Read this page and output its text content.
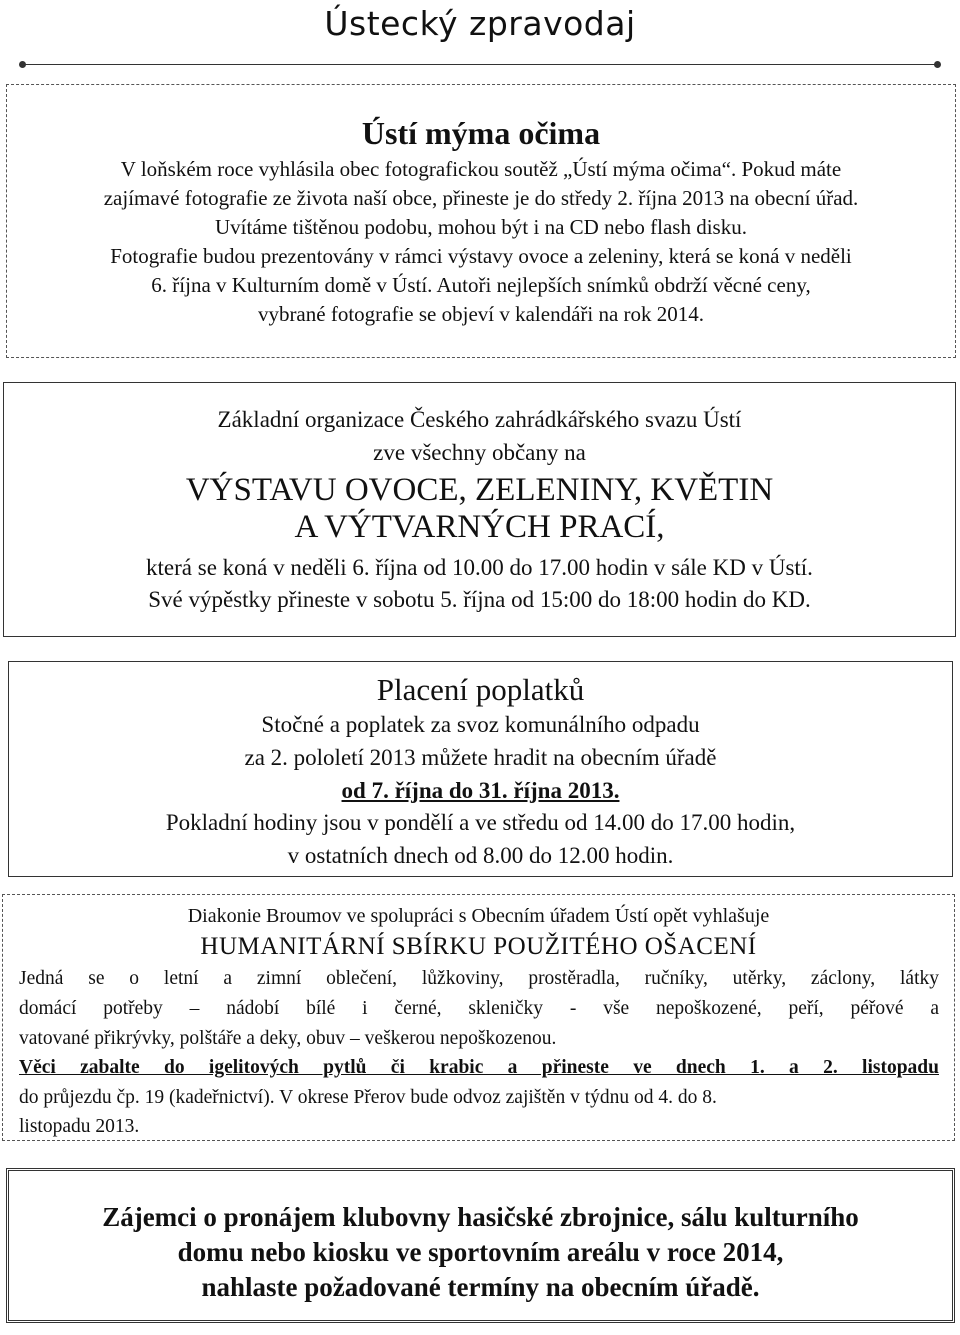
Ústecký zpravodaj
Ústí mýma očima
V loňském roce vyhlásila obec fotografickou soutěž „Ústí mýma očima“. Pokud máte
zajímavé fotografie ze života naší obce, přineste je do středy 2. října 2013 na obecní úřad.
Uvítáme tištěnou podobu, mohou být i na CD nebo flash disku.
Fotografie budou prezentovány v rámci výstavy ovoce a zeleniny, která se koná v neděli
6. října v Kulturním domě v Ústí. Autoři nejlepších snímků obdrží věcné ceny,
vybrané fotografie se objeví v kalendáři na rok 2014.
Základní organizace Českého zahrádkářského svazu Ústí
zve všechny občany na
VÝSTAVU OVOCE, ZELENINY, KVĚTIN
A VÝTVARNÝCH PRACÍ,
která se koná v neděli 6. října od 10.00 do 17.00 hodin v sále KD v Ústí.
Své výpěstky přineste v sobotu 5. října od 15:00 do 18:00 hodin do KD.
Placení poplatků
Stočné a poplatek za svoz komunálního odpadu
za 2. pololetí 2013 můžete hradit na obecním úřadě
od 7. října do 31. října 2013.
Pokladní hodiny jsou v pondělí a ve středu od 14.00 do 17.00 hodin,
v ostatních dnech od 8.00 do 12.00 hodin.
Diakonie Broumov ve spolupráci s Obecním úřadem Ústí opět vyhlašuje
HUMANITÁRNÍ SBÍRKU POUŽITÉHO OŠACENÍ
Jedná se o letní a zimní oblečení, lůžkoviny, prostěradla, ručníky, utěrky, záclony, látky
domácí potřeby – nádobí bílé i černé, skleničky - vše nepoškozené, peří, péřové a
vatované přikrývky, polštáře a deky, obuv – veškerou nepoškozenou.
Věci zabalte do igelitových pytlů či krabic a přineste ve dnech 1. a 2. listopadu
do průjezdu čp. 19 (kadeřnictví). V okrese Přerov bude odvoz zajištěn v týdnu od 4. do 8.
listopadu 2013.
Zájemci o pronájem klubovny hasičské zbrojnice, sálu kulturního
domu nebo kiosku ve sportovním areálu v roce 2014,
nahlaste požadované termíny na obecním úřadě.
